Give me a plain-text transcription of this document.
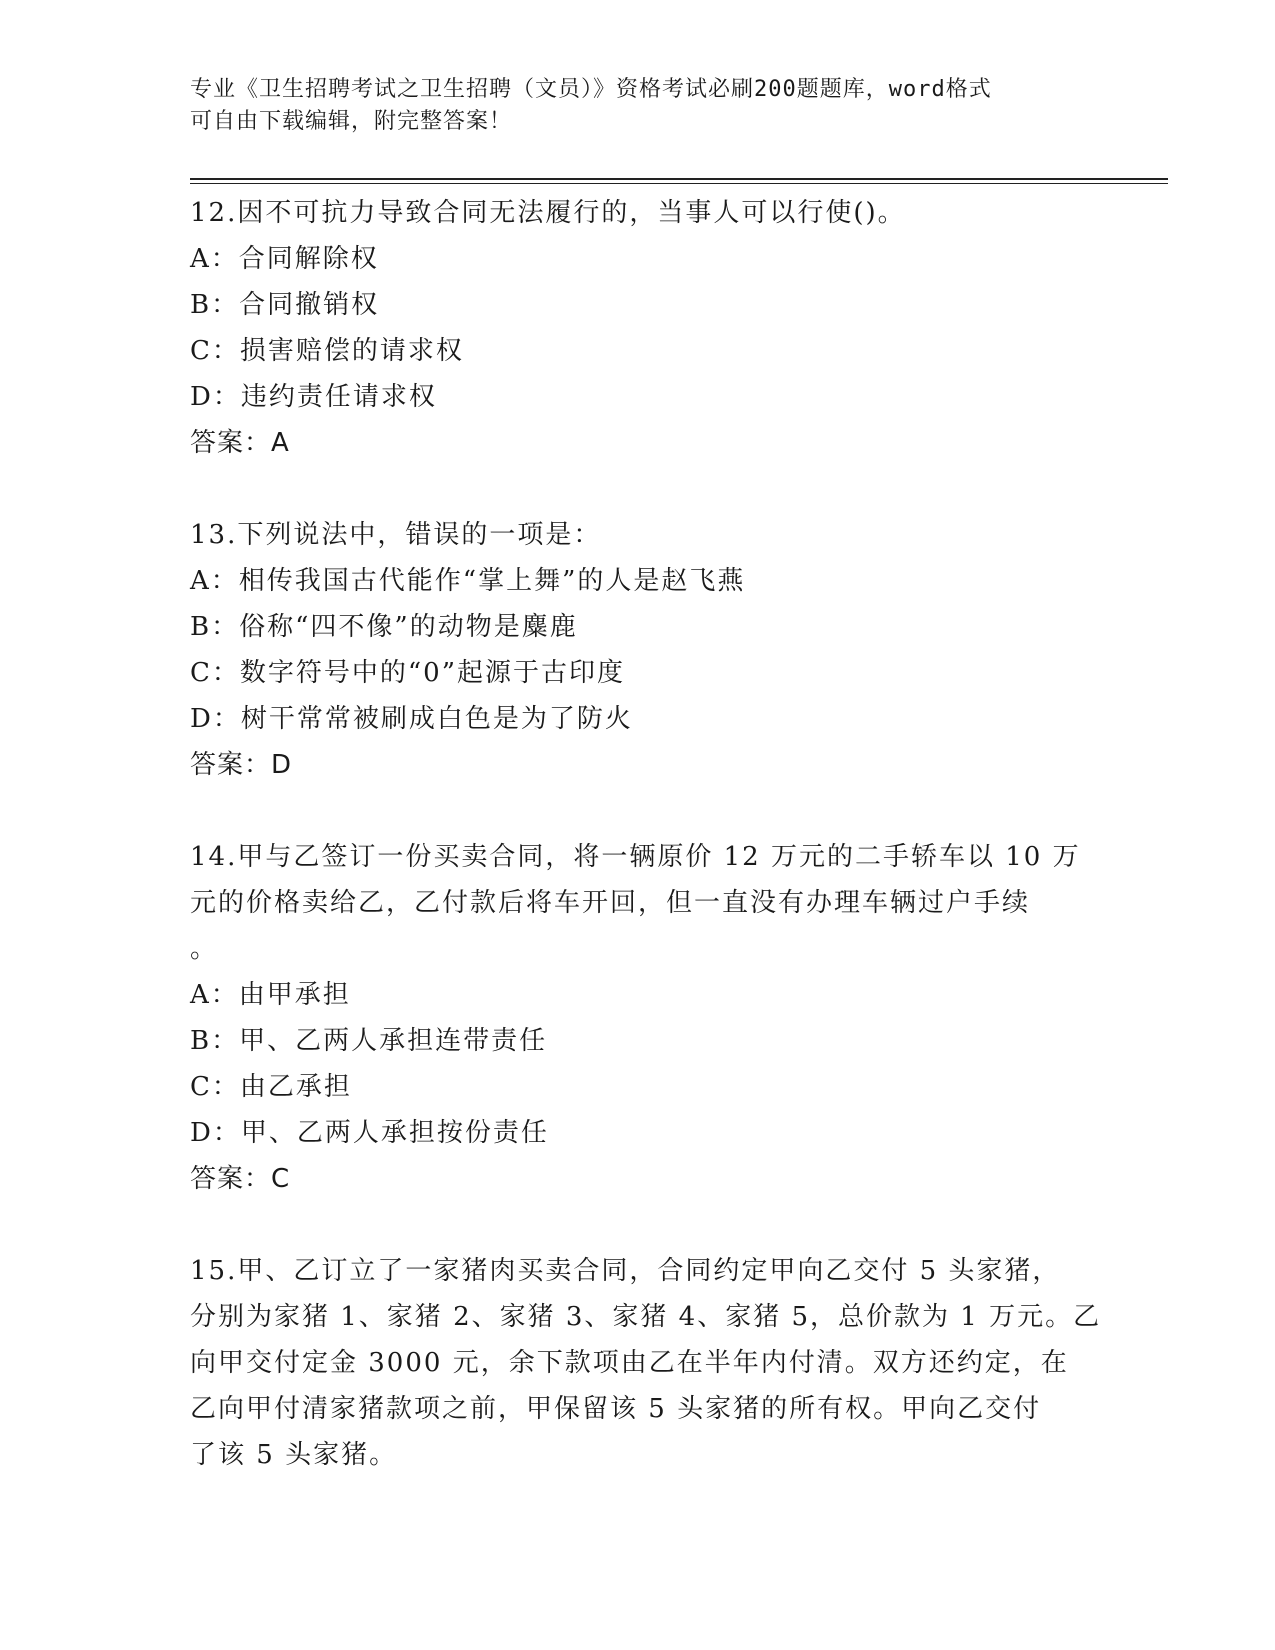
专业《卫生招聘考试之卫生招聘（文员）》资格考试必刷200题题库，word格式
可自由下载编辑，附完整答案！
12.因不可抗力导致合同无法履行的，当事人可以行使()。
A：合同解除权
B：合同撤销权
C：损害赔偿的请求权
D：违约责任请求权
答案：A
13.下列说法中，错误的一项是：
A：相传我国古代能作“掌上舞”的人是赵飞燕
B：俗称“四不像”的动物是麋鹿
C：数字符号中的“0”起源于古印度
D：树干常常被刷成白色是为了防火
答案：D
14.甲与乙签订一份买卖合同，将一辆原价 12 万元的二手轿车以 10 万
元的价格卖给乙，乙付款后将车开回，但一直没有办理车辆过户手续
。
A：由甲承担
B：甲、乙两人承担连带责任
C：由乙承担
D：甲、乙两人承担按份责任
答案：C
15.甲、乙订立了一家猪肉买卖合同，合同约定甲向乙交付 5 头家猪，
分别为家猪 1、家猪 2、家猪 3、家猪 4、家猪 5，总价款为 1 万元。乙
向甲交付定金 3000 元，余下款项由乙在半年内付清。双方还约定，在
乙向甲付清家猪款项之前，甲保留该 5 头家猪的所有权。甲向乙交付
了该 5 头家猪。
